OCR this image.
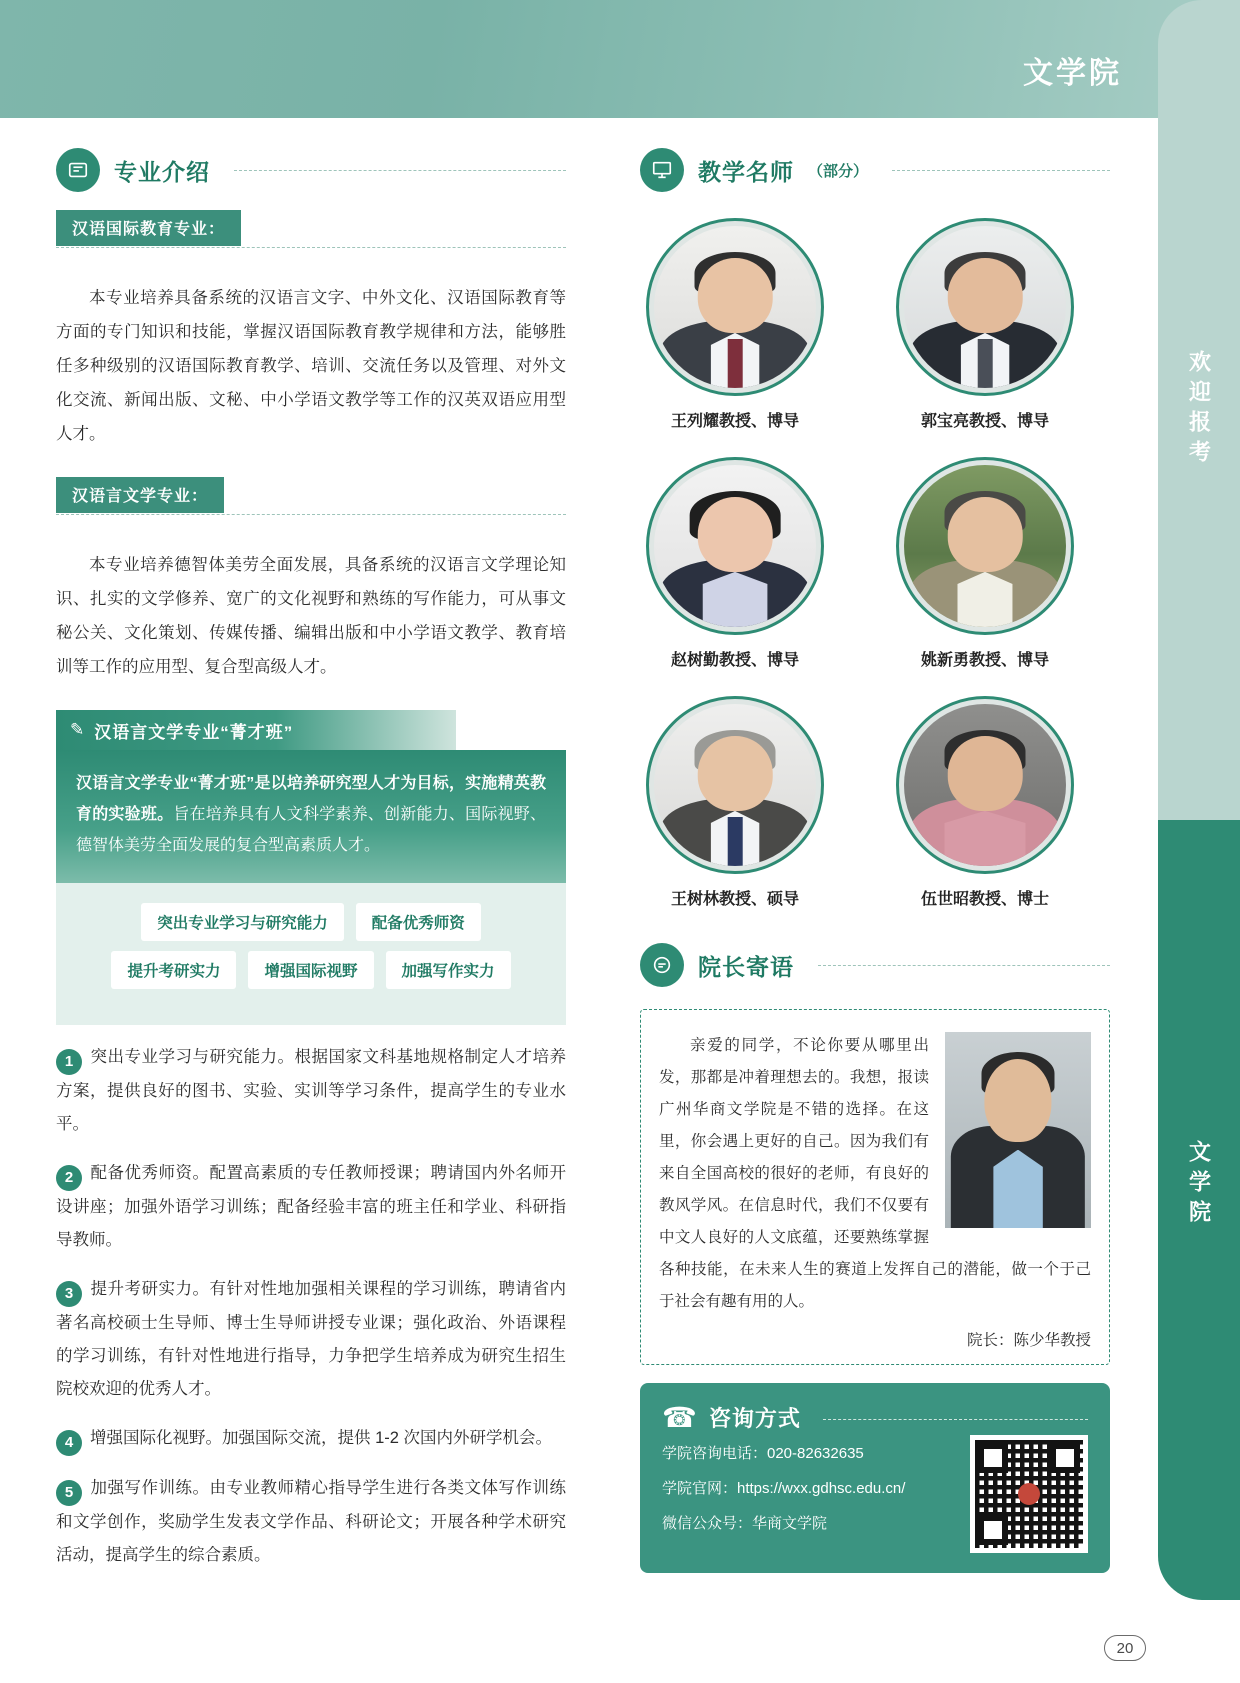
文学院
欢迎报考
文学院
专业介绍
汉语国际教育专业：

本专业培养具备系统的汉语言文字、中外文化、汉语国际教育等方面的专门知识和技能，掌握汉语国际教育教学规律和方法，能够胜任多种级别的汉语国际教育教学、培训、交流任务以及管理、对外文化交流、新闻出版、文秘、中小学语文教学等工作的汉英双语应用型人才。

汉语言文学专业：

本专业培养德智体美劳全面发展，具备系统的汉语言文学理论知识、扎实的文学修养、宽广的文化视野和熟练的写作能力，可从事文秘公关、文化策划、传媒传播、编辑出版和中小学语文教学、教育培训等工作的应用型、复合型高级人才。

✎ 汉语言文学专业“菁才班”
汉语言文学专业“菁才班”是以培养研究型人才为目标，实施精英教育的实验班。旨在培养具有人文科学素养、创新能力、国际视野、德智体美劳全面发展的复合型高素质人才。
突出专业学习与研究能力	配备优秀师资
提升考研实力	增强国际视野	加强写作实力
1 突出专业学习与研究能力。根据国家文科基地规格制定人才培养方案，提供良好的图书、实验、实训等学习条件，提高学生的专业水平。
2 配备优秀师资。配置高素质的专任教师授课；聘请国内外名师开设讲座；加强外语学习训练；配备经验丰富的班主任和学业、科研指导教师。
3 提升考研实力。有针对性地加强相关课程的学习训练，聘请省内著名高校硕士生导师、博士生导师讲授专业课；强化政治、外语课程的学习训练，有针对性地进行指导，力争把学生培养成为研究生招生院校欢迎的优秀人才。
4 增强国际化视野。加强国际交流，提供 1-2 次国内外研学机会。
5 加强写作训练。由专业教师精心指导学生进行各类文体写作训练和文学创作，奖励学生发表文学作品、科研论文；开展各种学术研究活动，提高学生的综合素质。
教学名师 （部分）
王列耀教授、博导	郭宝亮教授、博导
赵树勤教授、博导	姚新勇教授、博导
王树林教授、硕导	伍世昭教授、博士
院长寄语
亲爱的同学，不论你要从哪里出发，那都是冲着理想去的。我想，报读广州华商文学院是不错的选择。在这里，你会遇上更好的自己。因为我们有来自全国高校的很好的老师，有良好的教风学风。在信息时代，我们不仅要有中文人良好的人文底蕴，还要熟练掌握各种技能，在未来人生的赛道上发挥自己的潜能，做一个于己于社会有趣有用的人。
院长：陈少华教授
☎ 咨询方式
学院咨询电话：020-82632635
学院官网：https://wxx.gdhsc.edu.cn/
微信公众号：华商文学院
20
